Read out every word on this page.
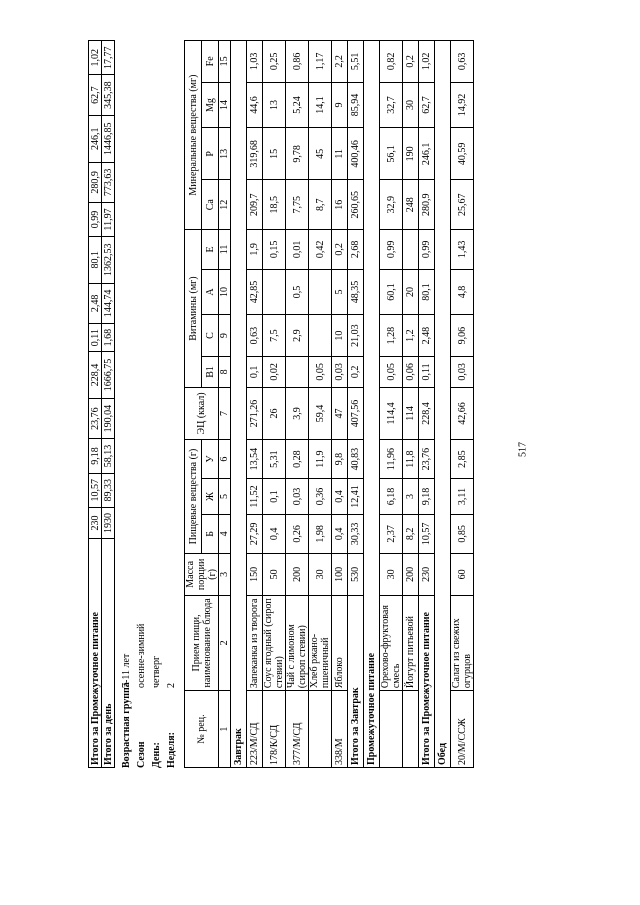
Итого за Промежуточное питание	230	10,57	9,18	23,76	228,4	0,11	2,48	80,1	0,99	280,9	246,1	62,7	1,02
Итого за день	1930	89,33	58,13	190,04	1666,75	1,68	144,74	1362,53	11,97	773,63	1446,85	345,38	17,77
Возрастная группа7-11 лет
Сезоносенне-зимний
День:четверг
Неделя:2
№ рец.	Прием пищи, наименование блюда	Масса порции (г)	Пищевые вещества (г)			ЭЦ (ккал)	Витамины (мг)				Минеральные вещества (мг)			
			Б	Ж	У		В1	С	А	Е	Ca	P	Mg	Fe
1	2	3	4	5	6	7	8	9	10	11	12	13	14	15
Завтрак														
223/М/СД	Запеканка из творога	150	27,29	11,52	13,54	271,26	0,1	0,63	42,85	1,9	209,7	319,68	44,6	1,03
178/К/СД	Соус ягодный (сироп стевии)	50	0,4	0,1	5,31	26	0,02	7,5		0,15	18,5	15	13	0,25
377/М/СД	Чай с лимоном (сироп стевии)	200	0,26	0,03	0,28	3,9		2,9	0,5	0,01	7,75	9,78	5,24	0,86
	Хлеб ржано-пшеничный	30	1,98	0,36	11,9	59,4	0,05			0,42	8,7	45	14,1	1,17
338/М	Яблоко	100	0,4	0,4	9,8	47	0,03	10	5	0,2	16	11	9	2,2
Итого за Завтрак		530	30,33	12,41	40,83	407,56	0,2	21,03	48,35	2,68	260,65	400,46	85,94	5,51
Промежуточное питание														
	Орехово-фруктовая смесь	30	2,37	6,18	11,96	114,4	0,05	1,28	60,1	0,99	32,9	56,1	32,7	0,82
	Йогурт питьевой	200	8,2	3	11,8	114	0,06	1,2	20		248	190	30	0,2
Итого за Промежуточное питание		230	10,57	9,18	23,76	228,4	0,11	2,48	80,1	0,99	280,9	246,1	62,7	1,02
Обед														
20/М/ССЖ	Салат из свежих огурцов	60	0,85	3,11	2,85	42,66	0,03	9,06	4,8	1,43	25,67	40,59	14,92	0,63
517
